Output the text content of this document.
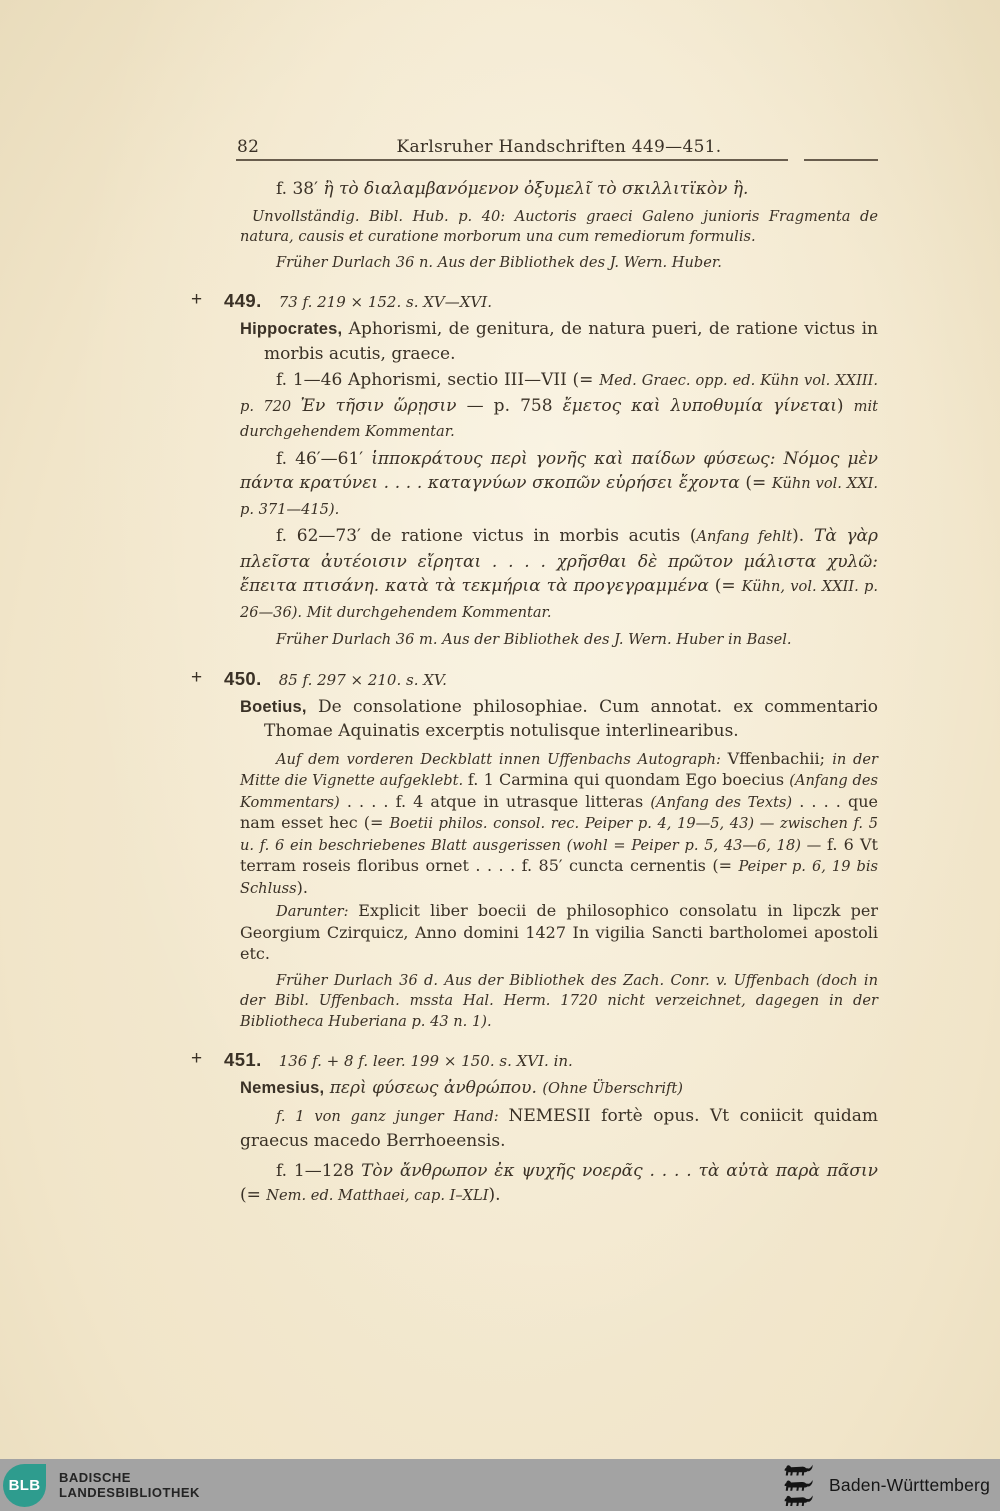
82	Karlsruher Handschriften 449—451.

f. 38′ ἢ τὸ διαλαμβανόμενον ὀξυμελῖ τὸ σκιλλιτϊκὸν ἢ.

Unvollständig. Bibl. Hub. p. 40: Auctoris graeci Galeno junioris Fragmenta de natura, causis et curatione morborum una cum remediorum formulis.

Früher Durlach 36 n. Aus der Bibliothek des J. Wern. Huber.

+ 449. 73 f. 219 × 152. s. XV—XVI.

Hippocrates, Aphorismi, de genitura, de natura pueri, de ratione victus in morbis acutis, graece.

f. 1—46 Aphorismi, sectio III—VII (= Med. Graec. opp. ed. Kühn vol. XXIII. p. 720 Ἐν τῆσιν ὥρῃσιν — p. 758 ἔμετος καὶ λυποθυμία γίνεται) mit durchgehendem Kommentar.

f. 46′—61′ ἱπποκράτους περὶ γονῆς καὶ παίδων φύσεως: Νόμος μὲν πάντα κρατύνει . . . . καταγνύων σκοπῶν εὑρήσει ἔχοντα (= Kühn vol. XXI. p. 371—415).

f. 62—73′ de ratione victus in morbis acutis (Anfang fehlt). Τὰ γὰρ πλεῖστα ἀυτέοισιν εἴρηται . . . . χρῆσθαι δὲ πρῶτον μάλιστα χυλῶ: ἔπειτα πτισάνη. κατὰ τὰ τεκμήρια τὰ προγεγραμμένα (= Kühn, vol. XXII. p. 26—36). Mit durchgehendem Kommentar.

Früher Durlach 36 m. Aus der Bibliothek des J. Wern. Huber in Basel.

+ 450. 85 f. 297 × 210. s. XV.

Boetius, De consolatione philosophiae. Cum annotat. ex commentario Thomae Aquinatis excerptis notulisque interlinearibus.

Auf dem vorderen Deckblatt innen Uffenbachs Autograph: Vffenbachii; in der Mitte die Vignette aufgeklebt. f. 1 Carmina qui quondam Ego boecius (Anfang des Kommentars) . . . . f. 4 atque in utrasque litteras (Anfang des Texts) . . . . que nam esset hec (= Boetii philos. consol. rec. Peiper p. 4, 19—5, 43) — zwischen f. 5 u. f. 6 ein beschriebenes Blatt ausgerissen (wohl = Peiper p. 5, 43—6, 18) — f. 6 Vt terram roseis floribus ornet . . . . f. 85′ cuncta cernentis (= Peiper p. 6, 19 bis Schluss).

Darunter: Explicit liber boecii de philosophico consolatu in lipczk per Georgium Czirquicz, Anno domini 1427 In vigilia Sancti bartholomei apostoli etc.

Früher Durlach 36 d. Aus der Bibliothek des Zach. Conr. v. Uffenbach (doch in der Bibl. Uffenbach. mssta Hal. Herm. 1720 nicht verzeichnet, dagegen in der Bibliotheca Huberiana p. 43 n. 1).

+ 451. 136 f. + 8 f. leer. 199 × 150. s. XVI. in.

Nemesius, περὶ φύσεως ἀνθρώπου. (Ohne Überschrift)

f. 1 von ganz junger Hand: NEMESII fortè opus. Vt coniicit quidam graecus macedo Berrhoeensis.

f. 1—128 Τὸν ἄνθρωπον ἐκ ψυχῆς νοερᾶς . . . . τὰ αὐτὰ παρὰ πᾶσιν (= Nem. ed. Matthaei, cap. I–XLI).

BLB BADISCHE
LANDESBIBLIOTHEK	Baden-Württemberg
